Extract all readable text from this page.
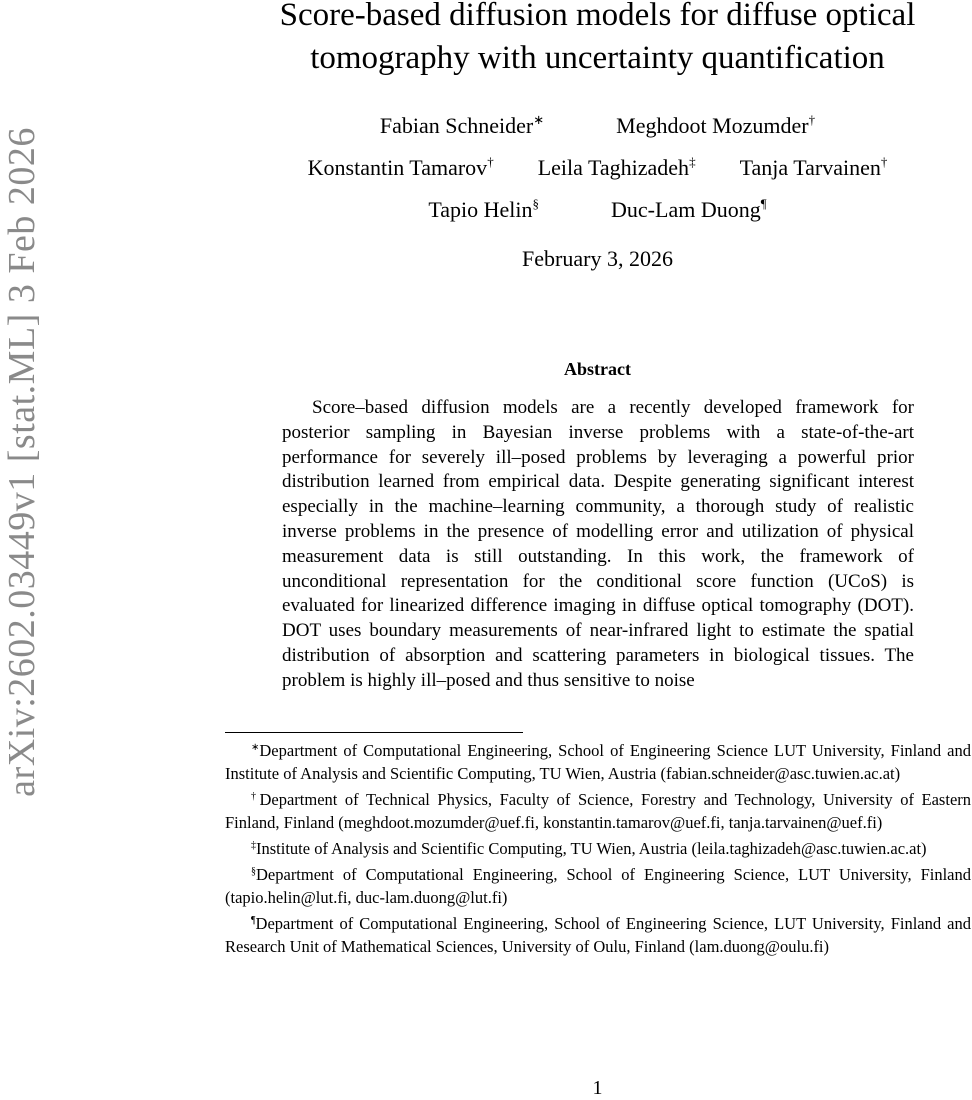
arXiv:2602.03449v1 [stat.ML] 3 Feb 2026
Score-based diffusion models for diffuse optical tomography with uncertainty quantification
Fabian Schneider∗	Meghdoot Mozumder†
Konstantin Tamarov† Leila Taghizadeh‡ Tanja Tarvainen†
Tapio Helin§	Duc-Lam Duong¶
February 3, 2026
Abstract

Score–based diffusion models are a recently developed framework for posterior sampling in Bayesian inverse problems with a state-of-the-art performance for severely ill–posed problems by leveraging a powerful prior distribution learned from empirical data. Despite generating significant interest especially in the machine–learning community, a thorough study of realistic inverse problems in the presence of modelling error and utilization of physical measurement data is still outstanding. In this work, the framework of unconditional representation for the conditional score function (UCoS) is evaluated for linearized difference imaging in diffuse optical tomography (DOT). DOT uses boundary measurements of near-infrared light to estimate the spatial distribution of absorption and scattering parameters in biological tissues. The problem is highly ill–posed and thus sensitive to noise

∗Department of Computational Engineering, School of Engineering Science LUT University, Finland and Institute of Analysis and Scientific Computing, TU Wien, Austria (fabian.schneider@asc.tuwien.ac.at)

†Department of Technical Physics, Faculty of Science, Forestry and Technology, University of Eastern Finland, Finland (meghdoot.mozumder@uef.fi, konstantin.tamarov@uef.fi, tanja.tarvainen@uef.fi)

‡Institute of Analysis and Scientific Computing, TU Wien, Austria (leila.taghizadeh@asc.tuwien.ac.at)

§Department of Computational Engineering, School of Engineering Science, LUT University, Finland (tapio.helin@lut.fi, duc-lam.duong@lut.fi)

¶Department of Computational Engineering, School of Engineering Science, LUT University, Finland and Research Unit of Mathematical Sciences, University of Oulu, Finland (lam.duong@oulu.fi)

1
